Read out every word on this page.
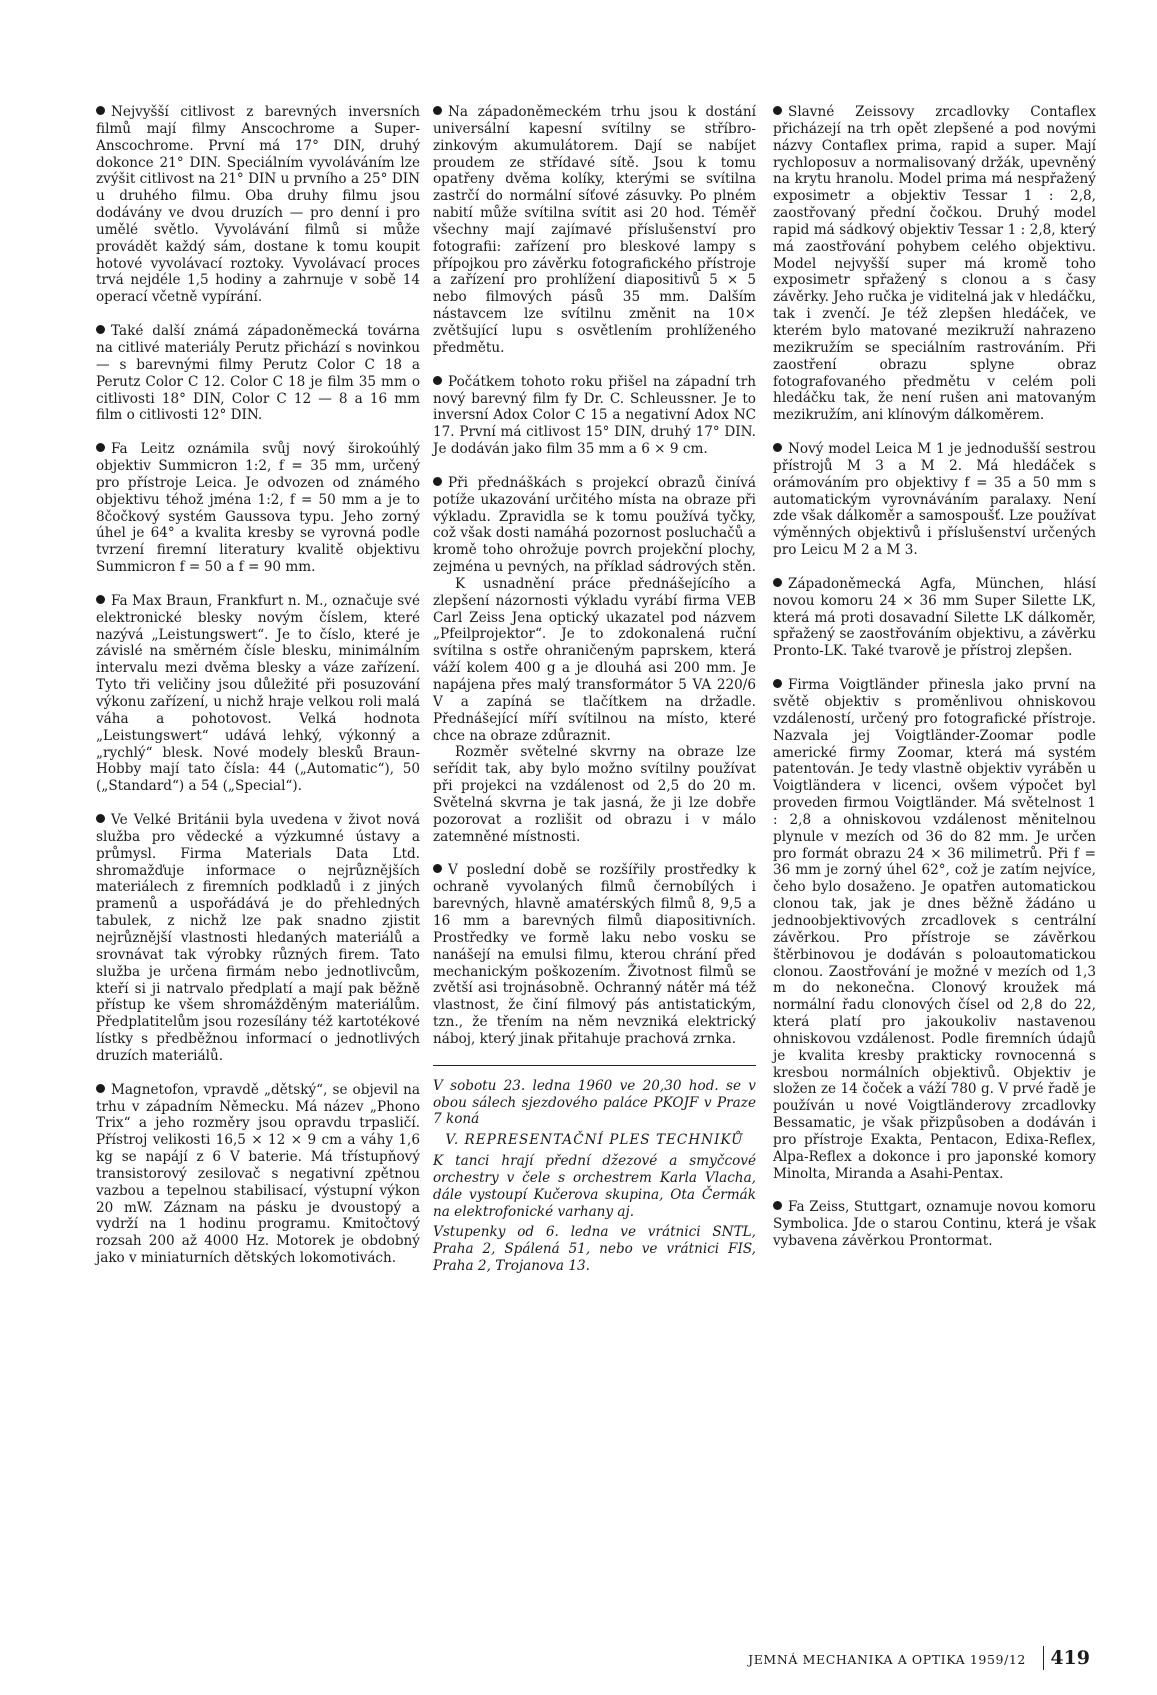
Nejvyšší citlivost z barevných inversních filmů mají filmy Anscochrome a Super-Anscochrome. První má 17° DIN, druhý dokonce 21° DIN. Speciálním vyvoláváním lze zvýšit citlivost na 21° DIN u prvního a 25° DIN u druhého filmu. Oba druhy filmu jsou dodávány ve dvou druzích — pro denní i pro umělé světlo. Vyvolávání filmů si může provádět každý sám, dostane k tomu koupit hotové vyvolávací roztoky. Vyvolávací proces trvá nejdéle 1,5 hodiny a zahrnuje v sobě 14 operací včetně vypírání.

Také další známá západoněmecká továrna na citlivé materiály Perutz přichází s novinkou — s barevnými filmy Perutz Color C 18 a Perutz Color C 12. Color C 18 je film 35 mm o citlivosti 18° DIN, Color C 12 — 8 a 16 mm film o citlivosti 12° DIN.

Fa Leitz oznámila svůj nový širokoúhlý objektiv Summicron 1:2, f = 35 mm, určený pro přístroje Leica. Je odvozen od známého objektivu téhož jména 1:2, f = 50 mm a je to 8čočkový systém Gaussova typu. Jeho zorný úhel je 64° a kvalita kresby se vyrovná podle tvrzení firemní literatury kvalitě objektivu Summicron f = 50 a f = 90 mm.

Fa Max Braun, Frankfurt n. M., označuje své elektronické blesky novým číslem, které nazývá „Leistungswert“. Je to číslo, které je závislé na směrném čísle blesku, minimálním intervalu mezi dvěma blesky a váze zařízení. Tyto tři veličiny jsou důležité při posuzování výkonu zařízení, u nichž hraje velkou roli malá váha a pohotovost. Velká hodnota „Leistungswert“ udává lehký, výkonný a „rychlý“ blesk. Nové modely blesků Braun-Hobby mají tato čísla: 44 („Automatic“), 50 („Standard“) a 54 („Special“).

Ve Velké Británii byla uvedena v život nová služba pro vědecké a výzkumné ústavy a průmysl. Firma Materials Data Ltd. shromažďuje informace o nejrůznějších materiálech z firemních podkladů i z jiných pramenů a uspořádává je do přehledných tabulek, z nichž lze pak snadno zjistit nejrůznější vlastnosti hledaných materiálů a srovnávat tak výrobky různých firem. Tato služba je určena firmám nebo jednotlivcům, kteří si ji natrvalo předplatí a mají pak běžně přístup ke všem shromážděným materiálům. Předplatitelům jsou rozesílány též kartotékové lístky s předběžnou informací o jednotlivých druzích materiálů.

Magnetofon, vpravdě „dětský“, se objevil na trhu v západním Německu. Má název „Phono Trix“ a jeho rozměry jsou opravdu trpasličí. Přístroj velikosti 16,5 × 12 × 9 cm a váhy 1,6 kg se napájí z 6 V baterie. Má třístupňový transistorový zesilovač s negativní zpětnou vazbou a tepelnou stabilisací, výstupní výkon 20 mW. Záznam na pásku je dvoustopý a vydrží na 1 hodinu programu. Kmitočtový rozsah 200 až 4000 Hz. Motorek je obdobný jako v miniaturních dětských lokomotivách.

Na západoněmeckém trhu jsou k dostání universální kapesní svítilny se stříbro-zinkovým akumulátorem. Dají se nabíjet proudem ze střídavé sítě. Jsou k tomu opatřeny dvěma kolíky, kterými se svítilna zastrčí do normální síťové zásuvky. Po plném nabití může svítilna svítit asi 20 hod. Téměř všechny mají zajímavé příslušenství pro fotografii: zařízení pro bleskové lampy s přípojkou pro závěrku fotografického přístroje a zařízení pro prohlížení diapositivů 5 × 5 nebo filmových pásů 35 mm. Dalším nástavcem lze svítilnu změnit na 10× zvětšující lupu s osvětlením prohlíženého předmětu.

Počátkem tohoto roku přišel na západní trh nový barevný film fy Dr. C. Schleussner. Je to inversní Adox Color C 15 a negativní Adox NC 17. První má citlivost 15° DIN, druhý 17° DIN. Je dodáván jako film 35 mm a 6 × 9 cm.

Při přednáškách s projekcí obrazů činívá potíže ukazování určitého místa na obraze při výkladu. Zpravidla se k tomu používá tyčky, což však dosti namáhá pozornost posluchačů a kromě toho ohrožuje povrch projekční plochy, zejména u pevných, na příklad sádrových stěn.

K usnadnění práce přednášejícího a zlepšení názornosti výkladu vyrábí firma VEB Carl Zeiss Jena optický ukazatel pod názvem „Pfeilprojektor“. Je to zdokonalená ruční svítilna s ostře ohraničeným paprskem, která váží kolem 400 g a je dlouhá asi 200 mm. Je napájena přes malý transformátor 5 VA 220/6 V a zapíná se tlačítkem na držadle. Přednášející míří svítilnou na místo, které chce na obraze zdůraznit.

Rozměr světelné skvrny na obraze lze seřídit tak, aby bylo možno svítilny používat při projekci na vzdálenost od 2,5 do 20 m. Světelná skvrna je tak jasná, že ji lze dobře pozorovat a rozlišit od obrazu i v málo zatemněné místnosti.

V poslední době se rozšířily prostředky k ochraně vyvolaných filmů černobílých i barevných, hlavně amatérských filmů 8, 9,5 a 16 mm a barevných filmů diapositivních. Prostředky ve formě laku nebo vosku se nanášejí na emulsi filmu, kterou chrání před mechanickým poškozením. Životnost filmů se zvětší asi trojnásobně. Ochranný nátěr má též vlastnost, že činí filmový pás antistatickým, tzn., že třením na něm nevzniká elektrický náboj, který jinak přitahuje prachová zrnka.

V sobotu 23. ledna 1960 ve 20,30 hod. se v obou sálech sjezdového paláce PKOJF v Praze 7 koná

V. REPRESENTAČNÍ PLES TECHNIKŮ

K tanci hrají přední džezové a smyčcové orchestry v čele s orchestrem Karla Vlacha, dále vystoupí Kučerova skupina, Ota Čermák na elektrofonické varhany aj.

Vstupenky od 6. ledna ve vrátnici SNTL, Praha 2, Spálená 51, nebo ve vrátnici FIS, Praha 2, Trojanova 13.

Slavné Zeissovy zrcadlovky Contaflex přicházejí na trh opět zlepšené a pod novými názvy Contaflex prima, rapid a super. Mají rychloposuv a normalisovaný držák, upevněný na krytu hranolu. Model prima má nespřažený exposimetr a objektiv Tessar 1 : 2,8, zaostřovaný přední čočkou. Druhý model rapid má sádkový objektiv Tessar 1 : 2,8, který má zaostřování pohybem celého objektivu. Model nejvyšší super má kromě toho exposimetr spřažený s clonou a s časy závěrky. Jeho ručka je viditelná jak v hledáčku, tak i zvenčí. Je též zlepšen hledáček, ve kterém bylo matované mezikruží nahrazeno mezikružím se speciálním rastrováním. Při zaostření obrazu splyne obraz fotografovaného předmětu v celém poli hledáčku tak, že není rušen ani matovaným mezikružím, ani klínovým dálkoměrem.

Nový model Leica M 1 je jednodušší sestrou přístrojů M 3 a M 2. Má hledáček s orámováním pro objektivy f = 35 a 50 mm s automatickým vyrovnáváním paralaxy. Není zde však dálkoměr a samospoušť. Lze používat výměnných objektivů i příslušenství určených pro Leicu M 2 a M 3.

Západoněmecká Agfa, München, hlásí novou komoru 24 × 36 mm Super Silette LK, která má proti dosavadní Silette LK dálkoměr, spřažený se zaostřováním objektivu, a závěrku Pronto-LK. Také tvarově je přístroj zlepšen.

Firma Voigtländer přinesla jako první na světě objektiv s proměnlivou ohniskovou vzdáleností, určený pro fotografické přístroje. Nazvala jej Voigtländer-Zoomar podle americké firmy Zoomar, která má systém patentován. Je tedy vlastně objektiv vyráběn u Voigtländera v licenci, ovšem výpočet byl proveden firmou Voigtländer. Má světelnost 1 : 2,8 a ohniskovou vzdálenost měnitelnou plynule v mezích od 36 do 82 mm. Je určen pro formát obrazu 24 × 36 milimetrů. Při f = 36 mm je zorný úhel 62°, což je zatím nejvíce, čeho bylo dosaženo. Je opatřen automatickou clonou tak, jak je dnes běžně žádáno u jednoobjektivových zrcadlovek s centrální závěrkou. Pro přístroje se závěrkou štěrbinovou je dodáván s poloautomatickou clonou. Zaostřování je možné v mezích od 1,3 m do nekonečna. Clonový kroužek má normální řadu clonových čísel od 2,8 do 22, která platí pro jakoukoliv nastavenou ohniskovou vzdálenost. Podle firemních údajů je kvalita kresby prakticky rovnocenná s kresbou normálních objektivů. Objektiv je složen ze 14 čoček a váží 780 g. V prvé řadě je používán u nové Voigtländerovy zrcadlovky Bessamatic, je však přizpůsoben a dodáván i pro přístroje Exakta, Pentacon, Edixa-Reflex, Alpa-Reflex a dokonce i pro japonské komory Minolta, Miranda a Asahi-Pentax.

Fa Zeiss, Stuttgart, oznamuje novou komoru Symbolica. Jde o starou Continu, která je však vybavena závěrkou Prontormat.

JEMNÁ MECHANIKA A OPTIKA 1959/12 419
